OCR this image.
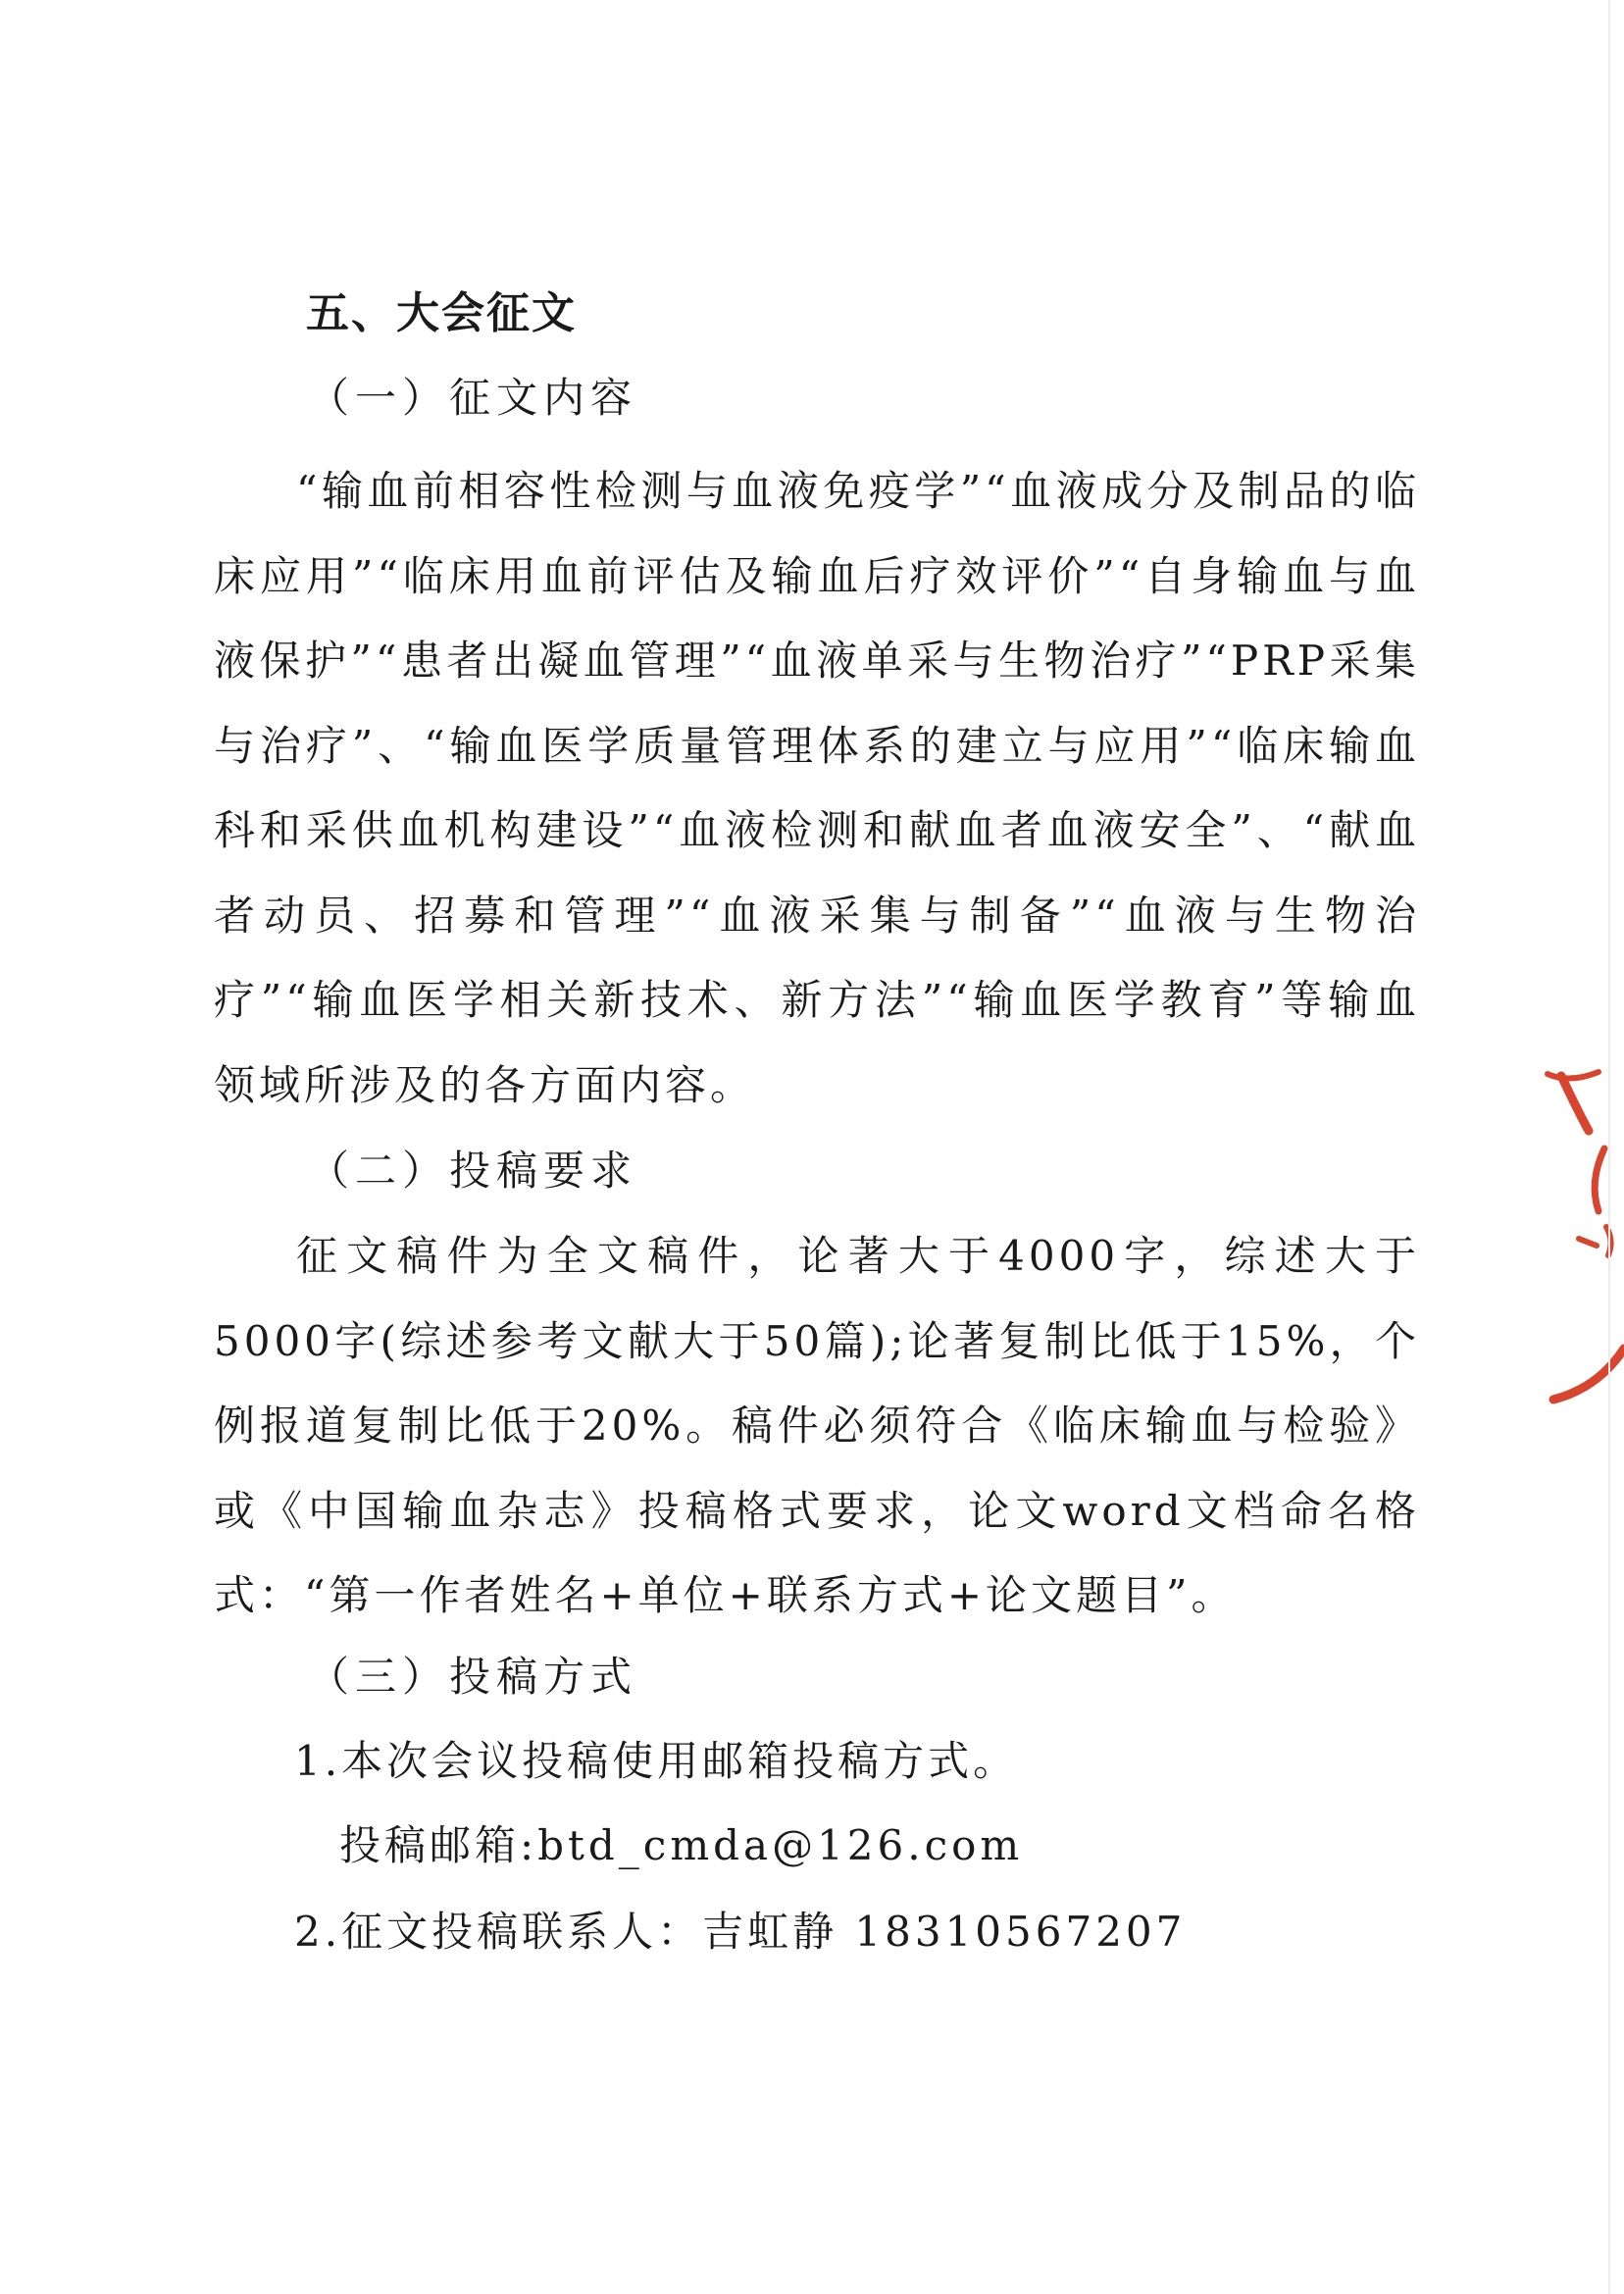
五、大会征文

（一）征文内容

“输血前相容性检测与血液免疫学”“血液成分及制品的临床应用”“临床用血前评估及输血后疗效评价”“自身输血与血液保护”“患者出凝血管理”“血液单采与生物治疗”“PRP采集与治疗”、“输血医学质量管理体系的建立与应用”“临床输血科和采供血机构建设”“血液检测和献血者血液安全”、“献血者动员、招募和管理”“血液采集与制备”“血液与生物治疗”“输血医学相关新技术、新方法”“输血医学教育”等输血领域所涉及的各方面内容。

（二）投稿要求

征文稿件为全文稿件，论著大于4000字，综述大于5000字(综述参考文献大于50篇);论著复制比低于15%，个例报道复制比低于20%。稿件必须符合《临床输血与检验》或《中国输血杂志》投稿格式要求，论文word文档命名格式：“第一作者姓名+单位+联系方式+论文题目”。

（三）投稿方式

1.本次会议投稿使用邮箱投稿方式。

投稿邮箱:btd_cmda@126.com

2.征文投稿联系人：吉虹静 18310567207
